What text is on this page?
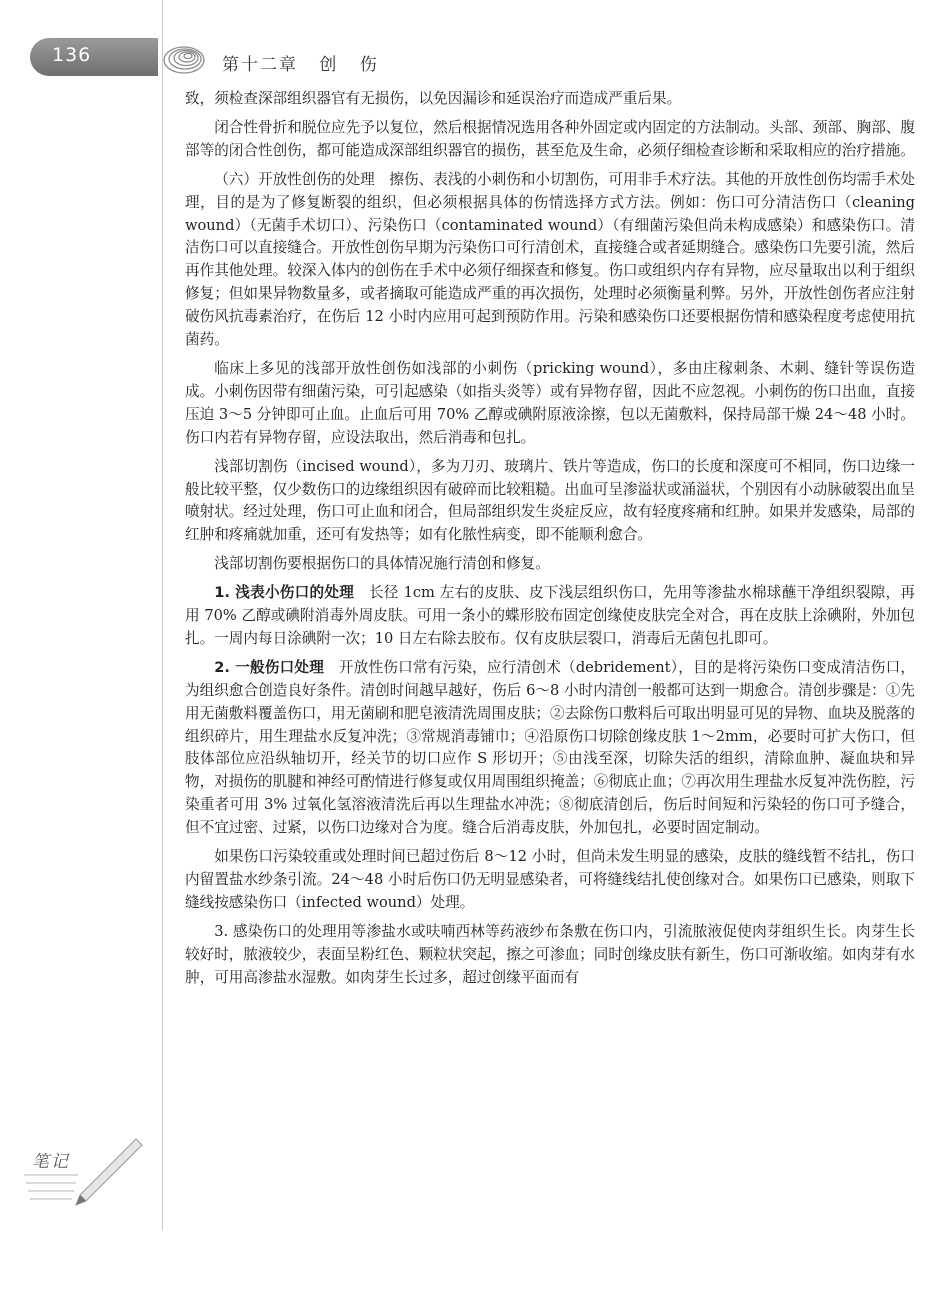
136	第十二章 创 伤

致，须检查深部组织器官有无损伤，以免因漏诊和延误治疗而造成严重后果。

闭合性骨折和脱位应先予以复位，然后根据情况选用各种外固定或内固定的方法制动。头部、颈部、胸部、腹部等的闭合性创伤，都可能造成深部组织器官的损伤，甚至危及生命，必须仔细检查诊断和采取相应的治疗措施。

（六）开放性创伤的处理　 擦伤、表浅的小刺伤和小切割伤，可用非手术疗法。其他的开放性创伤均需手术处理，目的是为了修复断裂的组织，但必须根据具体的伤情选择方式方法。例如：伤口可分清洁伤口（cleaning wound）（无菌手术切口）、污染伤口（contaminated wound）（有细菌污染但尚未构成感染）和感染伤口。清洁伤口可以直接缝合。开放性创伤早期为污染伤口可行清创术，直接缝合或者延期缝合。感染伤口先要引流，然后再作其他处理。较深入体内的创伤在手术中必须仔细探查和修复。伤口或组织内存有异物，应尽量取出以利于组织修复；但如果异物数量多，或者摘取可能造成严重的再次损伤，处理时必须衡量利弊。另外，开放性创伤者应注射破伤风抗毒素治疗，在伤后 12 小时内应用可起到预防作用。污染和感染伤口还要根据伤情和感染程度考虑使用抗菌药。

临床上多见的浅部开放性创伤如浅部的小刺伤（pricking wound），多由庄稼刺条、木刺、缝针等误伤造成。小刺伤因带有细菌污染，可引起感染（如指头炎等）或有异物存留，因此不应忽视。小刺伤的伤口出血，直接压迫 3～5 分钟即可止血。止血后可用 70% 乙醇或碘附原液涂擦，包以无菌敷料，保持局部干燥 24～48 小时。伤口内若有异物存留，应设法取出，然后消毒和包扎。

浅部切割伤（incised wound），多为刀刃、玻璃片、铁片等造成，伤口的长度和深度可不相同，伤口边缘一般比较平整，仅少数伤口的边缘组织因有破碎而比较粗糙。出血可呈渗溢状或涌溢状，个别因有小动脉破裂出血呈喷射状。经过处理，伤口可止血和闭合，但局部组织发生炎症反应，故有轻度疼痛和红肿。如果并发感染，局部的红肿和疼痛就加重，还可有发热等；如有化脓性病变，即不能顺利愈合。

浅部切割伤要根据伤口的具体情况施行清创和修复。

1. 浅表小伤口的处理　 长径 1cm 左右的皮肤、皮下浅层组织伤口，先用等渗盐水棉球蘸干净组织裂隙，再用 70% 乙醇或碘附消毒外周皮肤。可用一条小的蝶形胶布固定创缘使皮肤完全对合，再在皮肤上涂碘附，外加包扎。一周内每日涂碘附一次；10 日左右除去胶布。仅有皮肤层裂口，消毒后无菌包扎即可。

2. 一般伤口处理　 开放性伤口常有污染，应行清创术（debridement），目的是将污染伤口变成清洁伤口，为组织愈合创造良好条件。清创时间越早越好，伤后 6～8 小时内清创一般都可达到一期愈合。清创步骤是：①先用无菌敷料覆盖伤口，用无菌刷和肥皂液清洗周围皮肤；②去除伤口敷料后可取出明显可见的异物、血块及脱落的组织碎片，用生理盐水反复冲洗；③常规消毒铺巾；④沿原伤口切除创缘皮肤 1～2mm，必要时可扩大伤口，但肢体部位应沿纵轴切开，经关节的切口应作 S 形切开；⑤由浅至深，切除失活的组织，清除血肿、凝血块和异物，对损伤的肌腱和神经可酌情进行修复或仅用周围组织掩盖；⑥彻底止血；⑦再次用生理盐水反复冲洗伤腔，污染重者可用 3% 过氧化氢溶液清洗后再以生理盐水冲洗；⑧彻底清创后，伤后时间短和污染轻的伤口可予缝合，但不宜过密、过紧，以伤口边缘对合为度。缝合后消毒皮肤，外加包扎，必要时固定制动。

如果伤口污染较重或处理时间已超过伤后 8～12 小时，但尚未发生明显的感染，皮肤的缝线暂不结扎，伤口内留置盐水纱条引流。24～48 小时后伤口仍无明显感染者，可将缝线结扎使创缘对合。如果伤口已感染，则取下缝线按感染伤口（infected wound）处理。

3. 感染伤口的处理用等渗盐水或呋喃西林等药液纱布条敷在伤口内，引流脓液促使肉芽组织生长。肉芽生长较好时，脓液较少，表面呈粉红色、颗粒状突起，擦之可渗血；同时创缘皮肤有新生，伤口可渐收缩。如肉芽有水肿，可用高渗盐水湿敷。如肉芽生长过多，超过创缘平面而有

笔记
